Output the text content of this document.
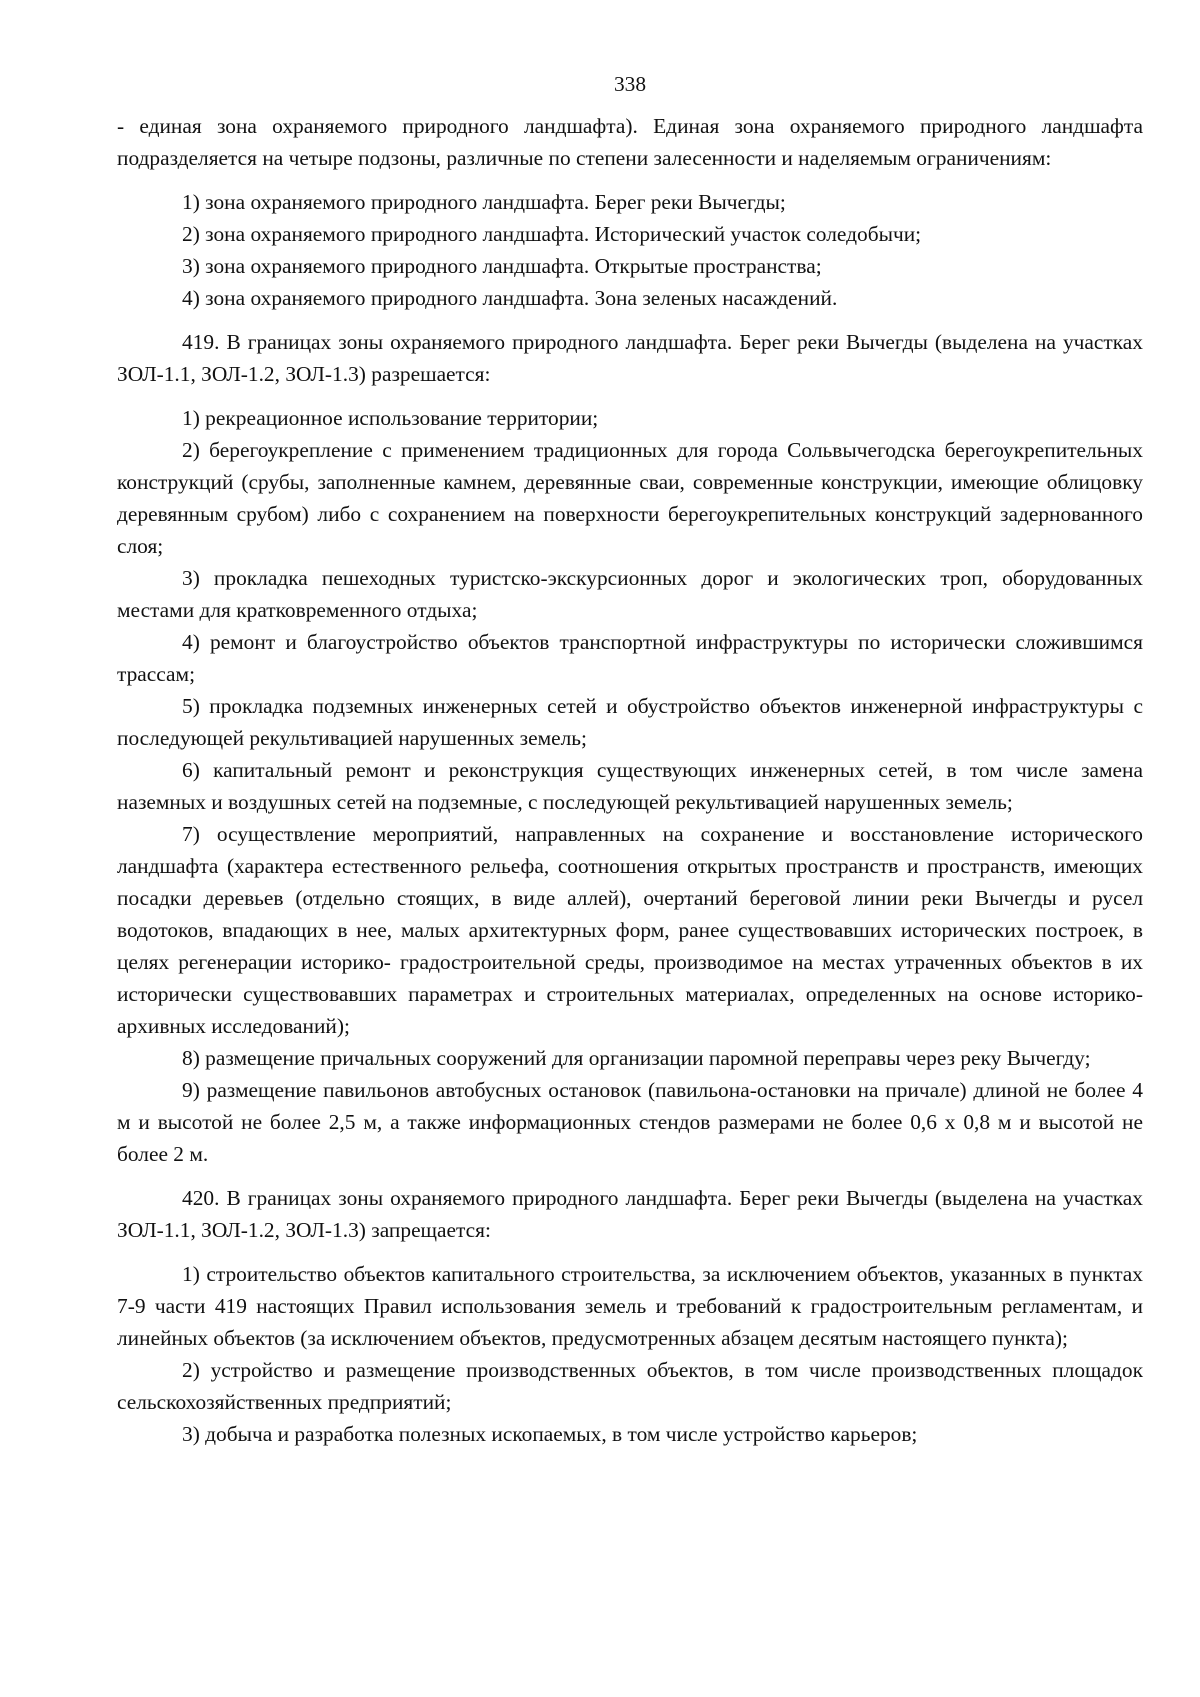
338

- единая зона охраняемого природного ландшафта). Единая зона охраняемого природного ландшафта подразделяется на четыре подзоны, различные по степени залесенности и наделяемым ограничениям:

1) зона охраняемого природного ландшафта. Берег реки Вычегды;

2) зона охраняемого природного ландшафта. Исторический участок соледобычи;

3) зона охраняемого природного ландшафта. Открытые пространства;

4) зона охраняемого природного ландшафта. Зона зеленых насаждений.

419. В границах зоны охраняемого природного ландшафта. Берег реки Вычегды (выделена на участках ЗОЛ-1.1, ЗОЛ-1.2, ЗОЛ-1.3) разрешается:

1) рекреационное использование территории;

2) берегоукрепление с применением традиционных для города Сольвычегодска берегоукрепительных конструкций (срубы, заполненные камнем, деревянные сваи, современные конструкции, имеющие облицовку деревянным срубом) либо с сохранением на поверхности берегоукрепительных конструкций задернованного слоя;

3) прокладка пешеходных туристско-экскурсионных дорог и экологических троп, оборудованных местами для кратковременного отдыха;

4) ремонт и благоустройство объектов транспортной инфраструктуры по исторически сложившимся трассам;

5) прокладка подземных инженерных сетей и обустройство объектов инженерной инфраструктуры с последующей рекультивацией нарушенных земель;

6) капитальный ремонт и реконструкция существующих инженерных сетей, в том числе замена наземных и воздушных сетей на подземные, с последующей рекультивацией нарушенных земель;

7) осуществление мероприятий, направленных на сохранение и восстановление исторического ландшафта (характера естественного рельефа, соотношения открытых пространств и пространств, имеющих посадки деревьев (отдельно стоящих, в виде аллей), очертаний береговой линии реки Вычегды и русел водотоков, впадающих в нее, малых архитектурных форм, ранее существовавших исторических построек, в целях регенерации историко- градостроительной среды, производимое на местах утраченных объектов в их исторически существовавших параметрах и строительных материалах, определенных на основе историко-архивных исследований);

8) размещение причальных сооружений для организации паромной переправы через реку Вычегду;

9) размещение павильонов автобусных остановок (павильона-остановки на причале) длиной не более 4 м и высотой не более 2,5 м, а также информационных стендов размерами не более 0,6 х 0,8 м и высотой не более 2 м.

420. В границах зоны охраняемого природного ландшафта. Берег реки Вычегды (выделена на участках ЗОЛ-1.1, ЗОЛ-1.2, ЗОЛ-1.3) запрещается:

1) строительство объектов капитального строительства, за исключением объектов, указанных в пунктах 7-9 части 419 настоящих Правил использования земель и требований к градостроительным регламентам, и линейных объектов (за исключением объектов, предусмотренных абзацем десятым настоящего пункта);

2) устройство и размещение производственных объектов, в том числе производственных площадок сельскохозяйственных предприятий;

3) добыча и разработка полезных ископаемых, в том числе устройство карьеров;
